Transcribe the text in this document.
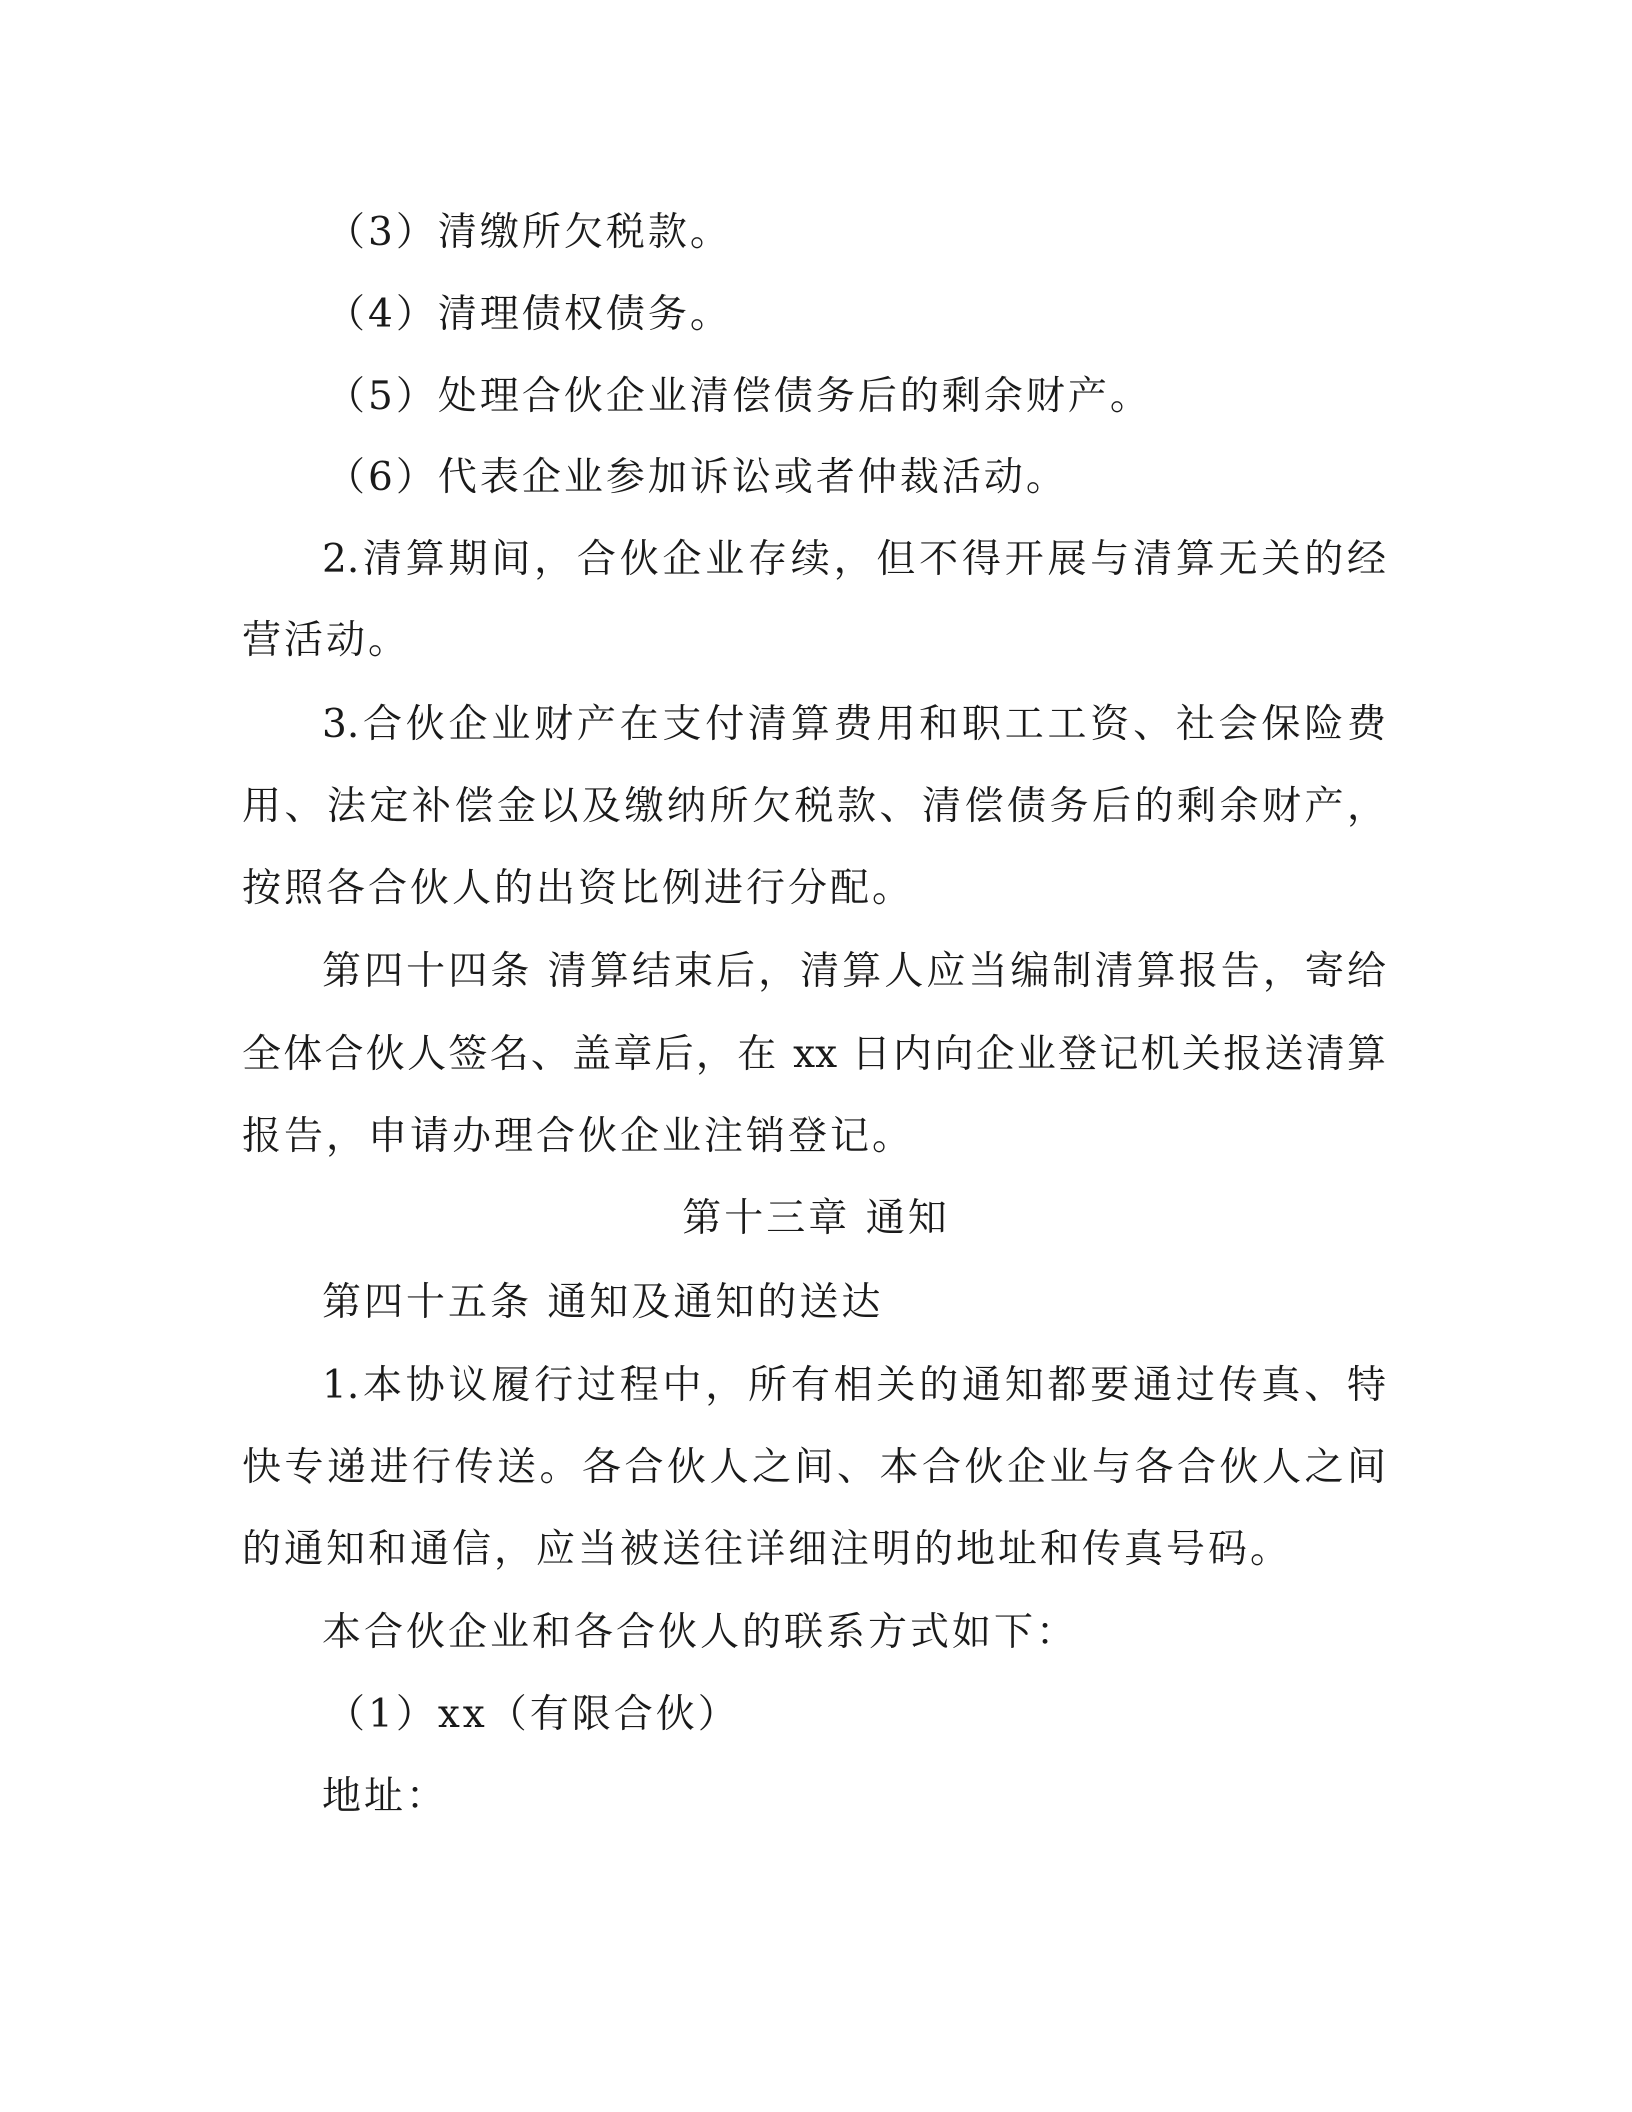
（3）清缴所欠税款。
（4）清理债权债务。
（5）处理合伙企业清偿债务后的剩余财产。
（6）代表企业参加诉讼或者仲裁活动。
2.清算期间，合伙企业存续，但不得开展与清算无关的经
营活动。
3.合伙企业财产在支付清算费用和职工工资、社会保险费
用、法定补偿金以及缴纳所欠税款、清偿债务后的剩余财产，
按照各合伙人的出资比例进行分配。
第四十四条 清算结束后，清算人应当编制清算报告，寄给
全体合伙人签名、盖章后，在 xx 日内向企业登记机关报送清算
报告，申请办理合伙企业注销登记。
第十三章 通知
第四十五条 通知及通知的送达
1.本协议履行过程中，所有相关的通知都要通过传真、特
快专递进行传送。各合伙人之间、本合伙企业与各合伙人之间
的通知和通信，应当被送往详细注明的地址和传真号码。
本合伙企业和各合伙人的联系方式如下：
（1）xx（有限合伙）
地址：
